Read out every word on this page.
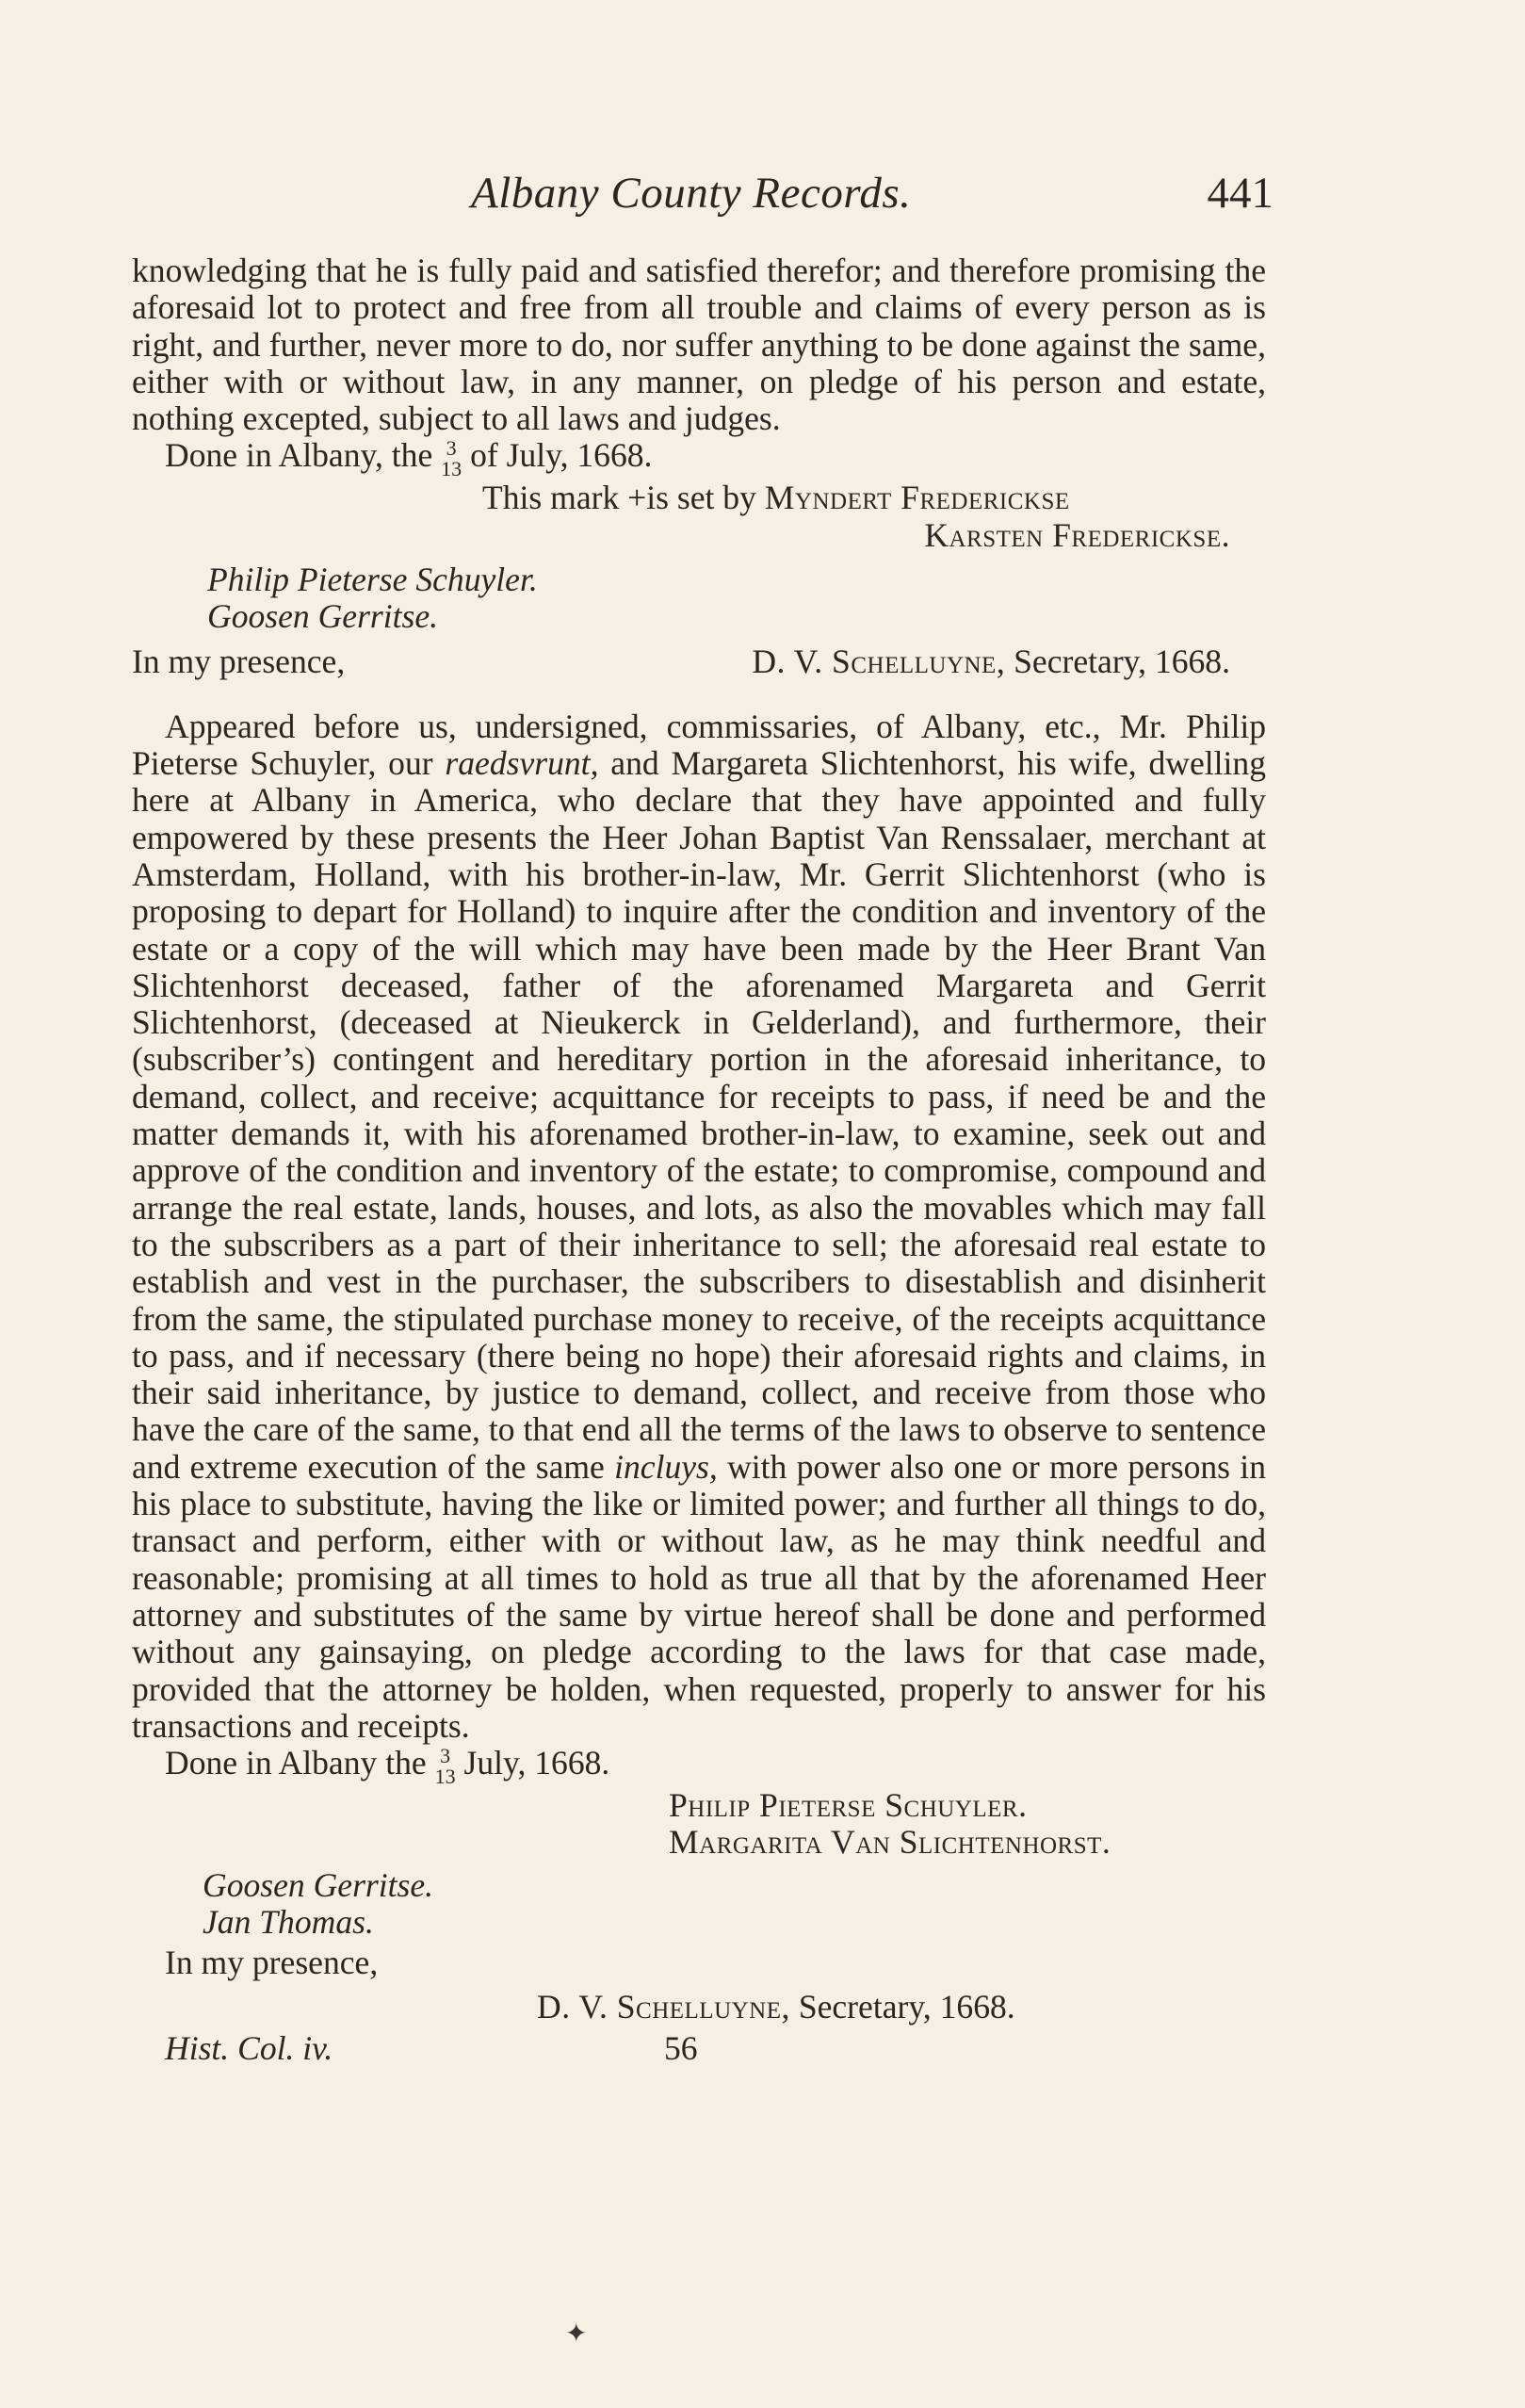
Albany County Records.	441

knowledging that he is fully paid and satisfied therefor; and therefore promising the aforesaid lot to protect and free from all trouble and claims of every person as is right, and further, never more to do, nor suffer anything to be done against the same, either with or without law, in any manner, on pledge of his person and estate, nothing excepted, subject to all laws and judges.

Done in Albany, the 3
13 of July, 1668.

This mark +is set by Myndert Fredericksе

Karsten Fredericksе.

Philip Pieterse Schuyler.

Goosen Gerritse.

In my presence,	D. V. Schelluyne, Secretary, 1668.

Appeared before us, undersigned, commissaries, of Albany, etc., Mr. Philip Pieterse Schuyler, our raedsvrunt, and Margareta Slichtenhorst, his wife, dwelling here at Albany in America, who declare that they have appointed and fully empowered by these presents the Heer Johan Baptist Van Renssalaer, merchant at Amsterdam, Holland, with his brother-in-law, Mr. Gerrit Slichtenhorst (who is proposing to depart for Holland) to inquire after the condition and inventory of the estate or a copy of the will which may have been made by the Heer Brant Van Slichtenhorst deceased, father of the aforenamed Margareta and Gerrit Slichtenhorst, (deceased at Nieukerck in Gelderland), and furthermore, their (subscriber’s) contingent and hereditary portion in the aforesaid inheritance, to demand, collect, and receive; acquittance for receipts to pass, if need be and the matter demands it, with his aforenamed brother-in-law, to examine, seek out and approve of the condition and inventory of the estate; to compromise, compound and arrange the real estate, lands, houses, and lots, as also the movables which may fall to the subscribers as a part of their inheritance to sell; the aforesaid real estate to establish and vest in the purchaser, the subscribers to disestablish and disinherit from the same, the stipulated purchase money to receive, of the receipts acquittance to pass, and if necessary (there being no hope) their aforesaid rights and claims, in their said inheritance, by justice to demand, collect, and receive from those who have the care of the same, to that end all the terms of the laws to observe to sentence and extreme execution of the same incluys, with power also one or more persons in his place to substitute, having the like or limited power; and further all things to do, transact and perform, either with or without law, as he may think needful and reasonable; promising at all times to hold as true all that by the aforenamed Heer attorney and substitutes of the same by virtue hereof shall be done and performed without any gainsaying, on pledge according to the laws for that case made, provided that the attorney be holden, when requested, properly to answer for his transactions and receipts.

Done in Albany the 3
13 July, 1668.

Philip Pieterse Schuyler.

Margarita Van Slichtenhorst.

Goosen Gerritse.

Jan Thomas.

In my presence,

D. V. Schelluyne, Secretary, 1668.

Hist. Col. iv.	56
✦
